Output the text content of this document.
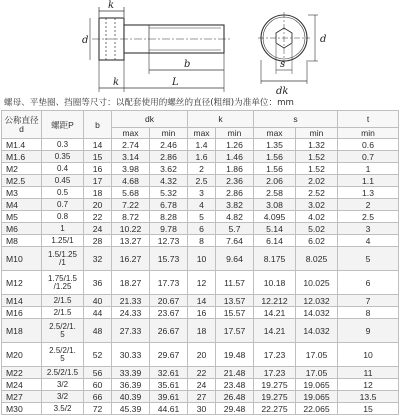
k
d
b
k	L
d
dk
s
螺母、平垫圈、挡圈等尺寸：以配套使用的螺丝的直径(粗细)为准单位：mm
公称直径
d	螺距P	b	dk		k		s		t
			max	min	max	min	max	min	min
M1.4	0.3	14	2.74	2.46	1.4	1.26	1.35	1.32	0.6
M1.6	0.35	15	3.14	2.86	1.6	1.46	1.56	1.52	0.7
M2	0.4	16	3.98	3.62	2	1.86	1.56	1.52	1
M2.5	0.45	17	4.68	4.32	2.5	2.36	2.06	2.02	1.1
M3	0.5	18	5.68	5.32	3	2.86	2.58	2.52	1.3
M4	0.7	20	7.22	6.78	4	3.82	3.08	3.02	2
M5	0.8	22	8.72	8.28	5	4.82	4.095	4.02	2.5
M6	1	24	10.22	9.78	6	5.7	5.14	5.02	3
M8	1.25/1	28	13.27	12.73	8	7.64	6.14	6.02	4
M10	1.5/1.25
/1	32	16.27	15.73	10	9.64	8.175	8.025	5
M12	1.75/1.5
/1.25	36	18.27	17.73	12	11.57	10.18	10.025	6
M14	2/1.5	40	21.33	20.67	14	13.57	12.212	12.032	7
M16	2/1.5	44	24.33	23.67	16	15.57	14.21	14.032	8
M18	2.5/2/1.
5	48	27.33	26.67	18	17.57	14.21	14.032	9
M20	2.5/2/1.
5	52	30.33	29.67	20	19.48	17.23	17.05	10
M22	2.5/2/1.5	56	33.39	32.61	22	21.48	17.23	17.05	11
M24	3/2	60	36.39	35.61	24	23.48	19.275	19.065	12
M27	3/2	66	40.39	39.61	27	26.48	19.275	19.065	13.5
M30	3.5/2	72	45.39	44.61	30	29.48	22.275	22.065	15
